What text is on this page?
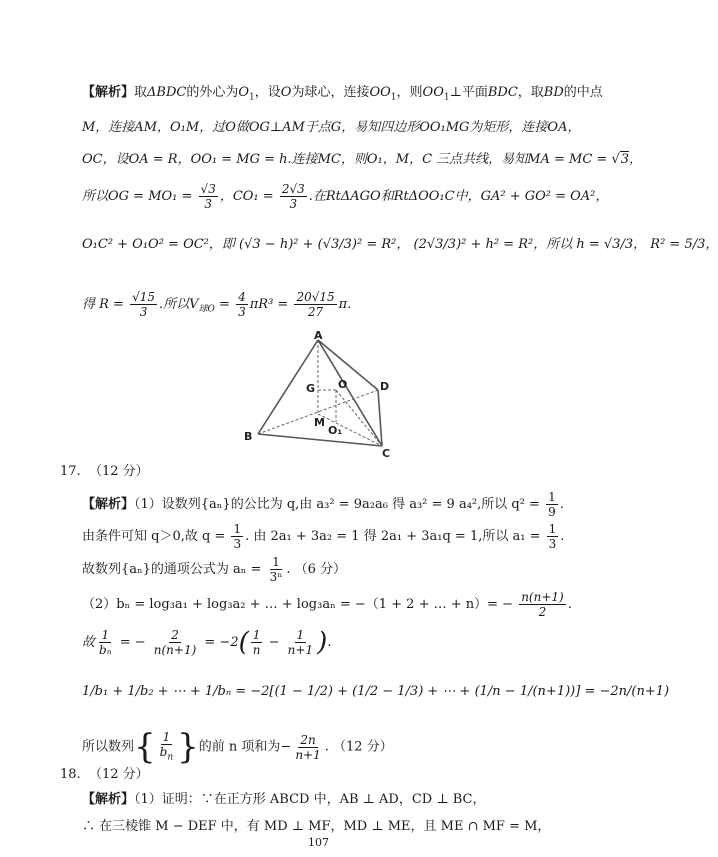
【解析】取ΔBDC的外心为$O_1$，设O为球心，连接$OO_1$，则$OO_1\perp$平面BDC，取BD的中点
M，连接AM，O₁M，过O做OG⊥AM于点G，易知四边形OO₁MG为矩形，连接OA，
OC，设OA = R，OO₁ = MG = h.连接MC，则O₁，M，C 三点共线，易知MA = MC = √3，
所以OG = $MO_1 = \frac{√3}{3}$ ，$CO_1 = \frac{2√3}{3}$ .在RtΔAGO和RtΔOO₁C中，GA² + GO² = OA²，
O₁C² + O₁O² = OC²，即 (√3 − h)² + (√3/3)² = R²， (2√3/3)² + h² = R²，所以 h = √3/3， R² = 5/3，
得 $R = \frac{√15}{3}$ .所以$V_{球O} = \frac{4}{3} \pi R^3 = \frac{20√15}{27} \pi$.
A
B
C
D
G O
M
O₁
17. （12 分）
【解析】（1）设数列{aₙ}的公比为 q,由 a₃² = 9a₂a₆ 得 a₃² = 9 a₄²,所以 $q^2 = \frac{1}{9}$ .
由条件可知 q＞0,故 $q = \frac{1}{3}$ . 由 2a₁ + 3a₂ = 1 得 2a₁ + 3a₁q = 1,所以 $a_1 = \frac{1}{3}$ .
故数列{aₙ}的通项公式为 $a_n = \frac{1}{\text{3ⁿ}}$ . （6 分）
（2）bₙ = log₃a₁ + log₃a₂ + … + log₃aₙ = −（1 + 2 + … + $n)= - \frac{n(n+1)}{2}$ .
故 $\frac{1}{\text{bₙ}}$ = − $\frac{2}{n(n+1)} = -2( \frac{1}{n} - \frac{1}{n+1}$ ).
1/b₁ + 1/b₂ + ⋯ + 1/bₙ = −2[(1 − 1/2) + (1/2 − 1/3) + ⋯ + (1/n − 1/(n+1))] = −2n/(n+1)
所以数列{ $\frac{1}{b_n}$ }的前 n 项和为− $\frac{2n}{n+1}$ . （12 分）
18. （12 分）
【解析】（1）证明：∵在正方形 ABCD 中，AB ⊥ AD，CD ⊥ BC，
∴ 在三棱锥 M − DEF 中，有 MD ⊥ MF，MD ⊥ ME，且 ME ∩ MF = M，
107
